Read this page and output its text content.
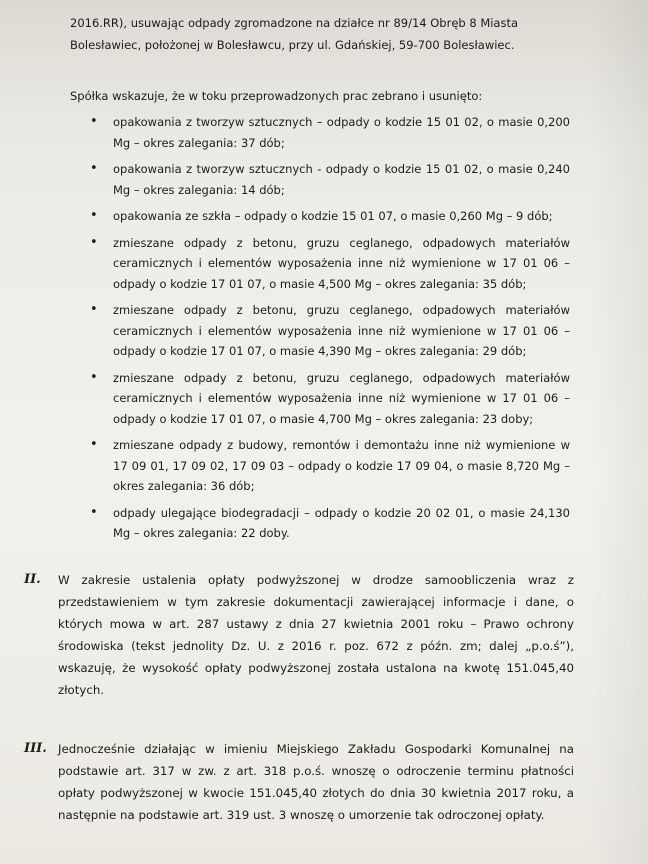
2016.RR), usuwając odpady zgromadzone na działce nr 89/14 Obręb 8 Miasta
Bolesławiec, położonej w Bolesławcu, przy ul. Gdańskiej, 59-700 Bolesławiec.
Spółka wskazuje, że w toku przeprowadzonych prac zebrano i usunięto:
• opakowania z tworzyw sztucznych – odpady o kodzie 15 01 02, o masie 0,200 Mg – okres zalegania: 37 dób;
• opakowania z tworzyw sztucznych - odpady o kodzie 15 01 02, o masie 0,240 Mg – okres zalegania: 14 dób;
• opakowania ze szkła – odpady o kodzie 15 01 07, o masie 0,260 Mg – 9 dób;
• zmieszane odpady z betonu, gruzu ceglanego, odpadowych materiałów ceramicznych i elementów wyposażenia inne niż wymienione w 17 01 06 – odpady o kodzie 17 01 07, o masie 4,500 Mg – okres zalegania: 35 dób;
• zmieszane odpady z betonu, gruzu ceglanego, odpadowych materiałów ceramicznych i elementów wyposażenia inne niż wymienione w 17 01 06 – odpady o kodzie 17 01 07, o masie 4,390 Mg – okres zalegania: 29 dób;
• zmieszane odpady z betonu, gruzu ceglanego, odpadowych materiałów ceramicznych i elementów wyposażenia inne niż wymienione w 17 01 06 – odpady o kodzie 17 01 07, o masie 4,700 Mg – okres zalegania: 23 doby;
• zmieszane odpady z budowy, remontów i demontażu inne niż wymienione w 17 09 01, 17 09 02, 17 09 03 – odpady o kodzie 17 09 04, o masie 8,720 Mg – okres zalegania: 36 dób;
• odpady ulegające biodegradacji – odpady o kodzie 20 02 01, o masie 24,130 Mg – okres zalegania: 22 doby.
II. W zakresie ustalenia opłaty podwyższonej w drodze samoobliczenia wraz z przedstawieniem w tym zakresie dokumentacji zawierającej informacje i dane, o których mowa w art. 287 ustawy z dnia 27 kwietnia 2001 roku – Prawo ochrony środowiska (tekst jednolity Dz. U. z 2016 r. poz. 672 z późn. zm; dalej „p.o.ś”), wskazuję, że wysokość opłaty podwyższonej została ustalona na kwotę 151.045,40 złotych.
III. Jednocześnie działając w imieniu Miejskiego Zakładu Gospodarki Komunalnej na podstawie art. 317 w zw. z art. 318 p.o.ś. wnoszę o odroczenie terminu płatności opłaty podwyższonej w kwocie 151.045,40 złotych do dnia 30 kwietnia 2017 roku, a następnie na podstawie art. 319 ust. 3 wnoszę o umorzenie tak odroczonej opłaty.
